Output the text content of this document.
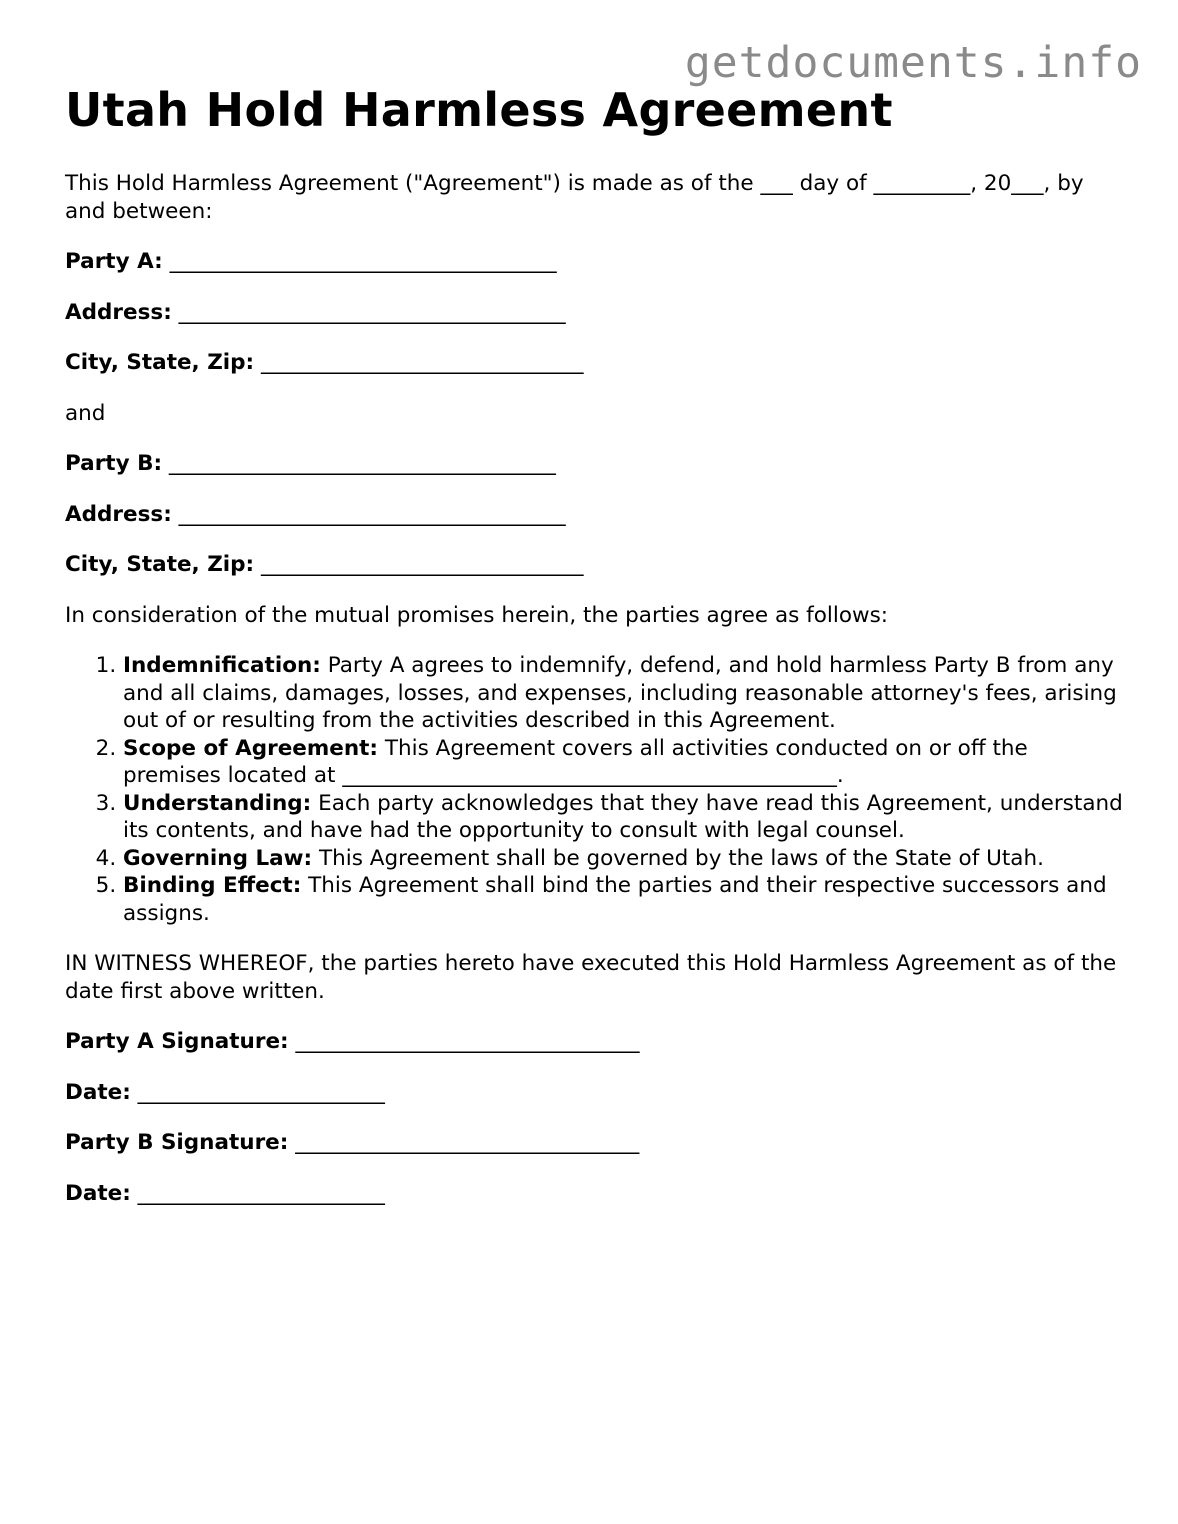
getdocuments.info
Utah Hold Harmless Agreement

This Hold Harmless Agreement ("Agreement") is made as of the ___ day of _________, 20___, by and between:

Party A: ____________________________________

Address: ____________________________________

City, State, Zip: ______________________________

and

Party B: ____________________________________

Address: ____________________________________

City, State, Zip: ______________________________

In consideration of the mutual promises herein, the parties agree as follows:

1. Indemnification: Party A agrees to indemnify, defend, and hold harmless Party B from any and all claims, damages, losses, and expenses, including reasonable attorney's fees, arising out of or resulting from the activities described in this Agreement.
2. Scope of Agreement: This Agreement covers all activities conducted on or off the premises located at ______________________________________________.
3. Understanding: Each party acknowledges that they have read this Agreement, understand its contents, and have had the opportunity to consult with legal counsel.
4. Governing Law: This Agreement shall be governed by the laws of the State of Utah.
5. Binding Effect: This Agreement shall bind the parties and their respective successors and assigns.

IN WITNESS WHEREOF, the parties hereto have executed this Hold Harmless Agreement as of the date first above written.

Party A Signature: ________________________________

Date: _______________________

Party B Signature: ________________________________

Date: _______________________
